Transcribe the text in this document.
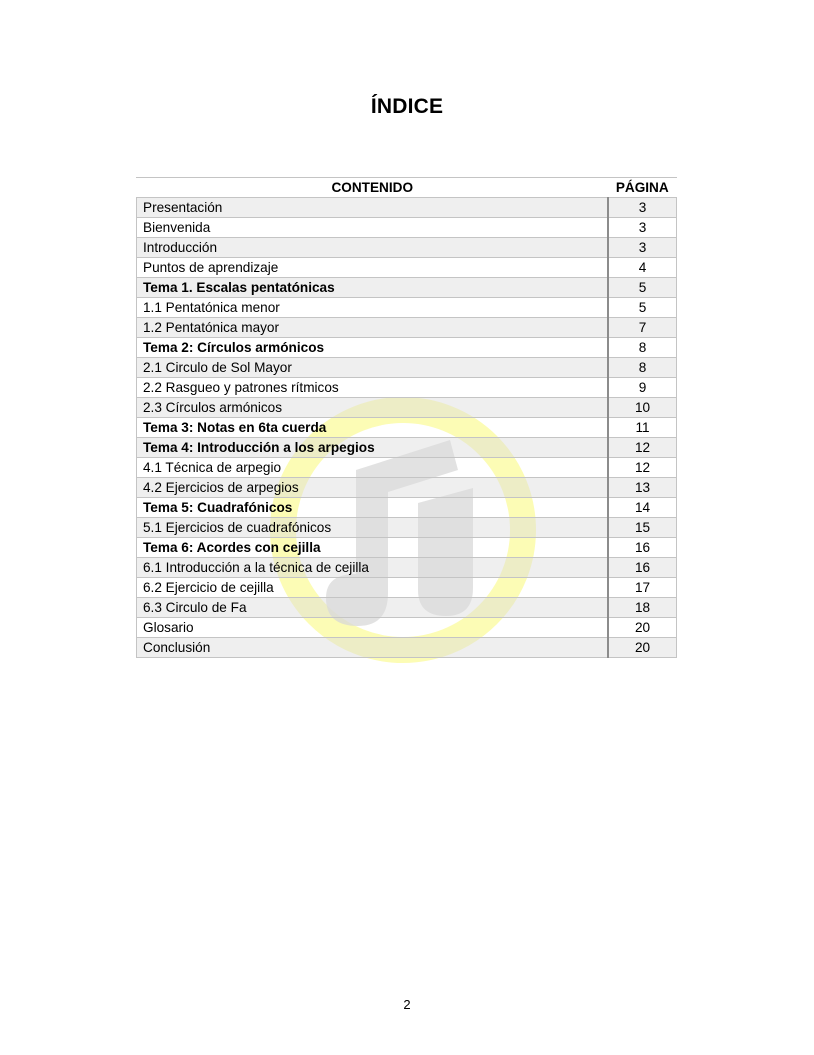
ÍNDICE
CONTENIDO	PÁGINA
Presentación	3
Bienvenida	3
Introducción	3
Puntos de aprendizaje	4
Tema 1. Escalas pentatónicas	5
1.1 Pentatónica menor	5
1.2 Pentatónica mayor	7
Tema 2: Círculos armónicos	8
2.1 Circulo de Sol Mayor	8
2.2 Rasgueo y patrones rítmicos	9
2.3 Círculos armónicos	10
Tema 3: Notas en 6ta cuerda	11
Tema 4: Introducción a los arpegios	12
4.1 Técnica de arpegio	12
4.2 Ejercicios de arpegios	13
Tema 5: Cuadrafónicos	14
5.1 Ejercicios de cuadrafónicos	15
Tema 6: Acordes con cejilla	16
6.1 Introducción a la técnica de cejilla	16
6.2 Ejercicio de cejilla	17
6.3 Circulo de Fa	18
Glosario	20
Conclusión	20
2
